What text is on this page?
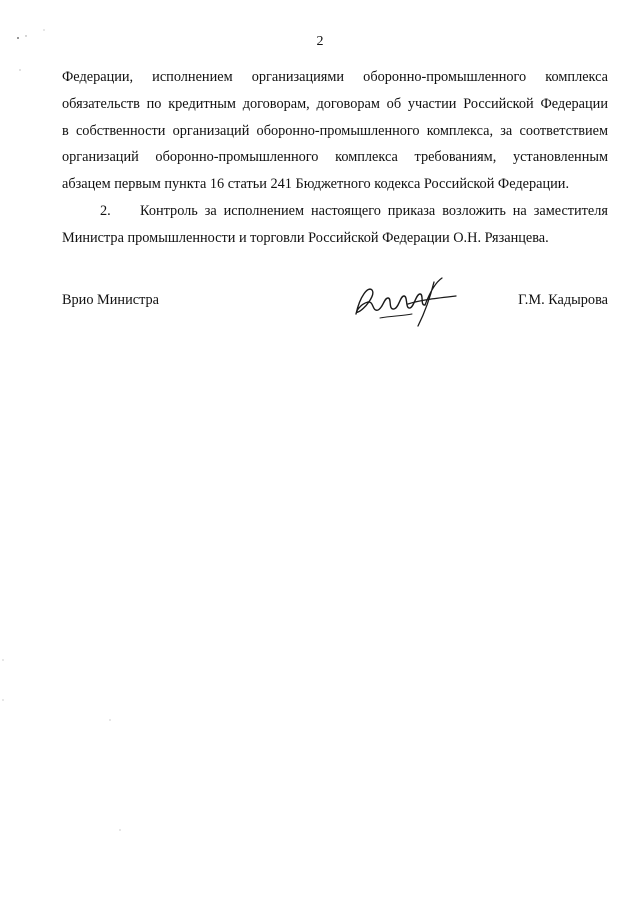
2
Федерации, исполнением организациями оборонно-промышленного комплекса
обязательств по кредитным договорам, договорам об участии Российской Федерации
в собственности организаций оборонно-промышленного комплекса, за соответствием
организаций оборонно-промышленного комплекса требованиям, установленным
абзацем первым пункта 16 статьи 241 Бюджетного кодекса Российской Федерации.
2. Контроль за исполнением настоящего приказа возложить на заместителя
Министра промышленности и торговли Российской Федерации О.Н. Рязанцева.
Врио Министра	Г.М. Кадырова
